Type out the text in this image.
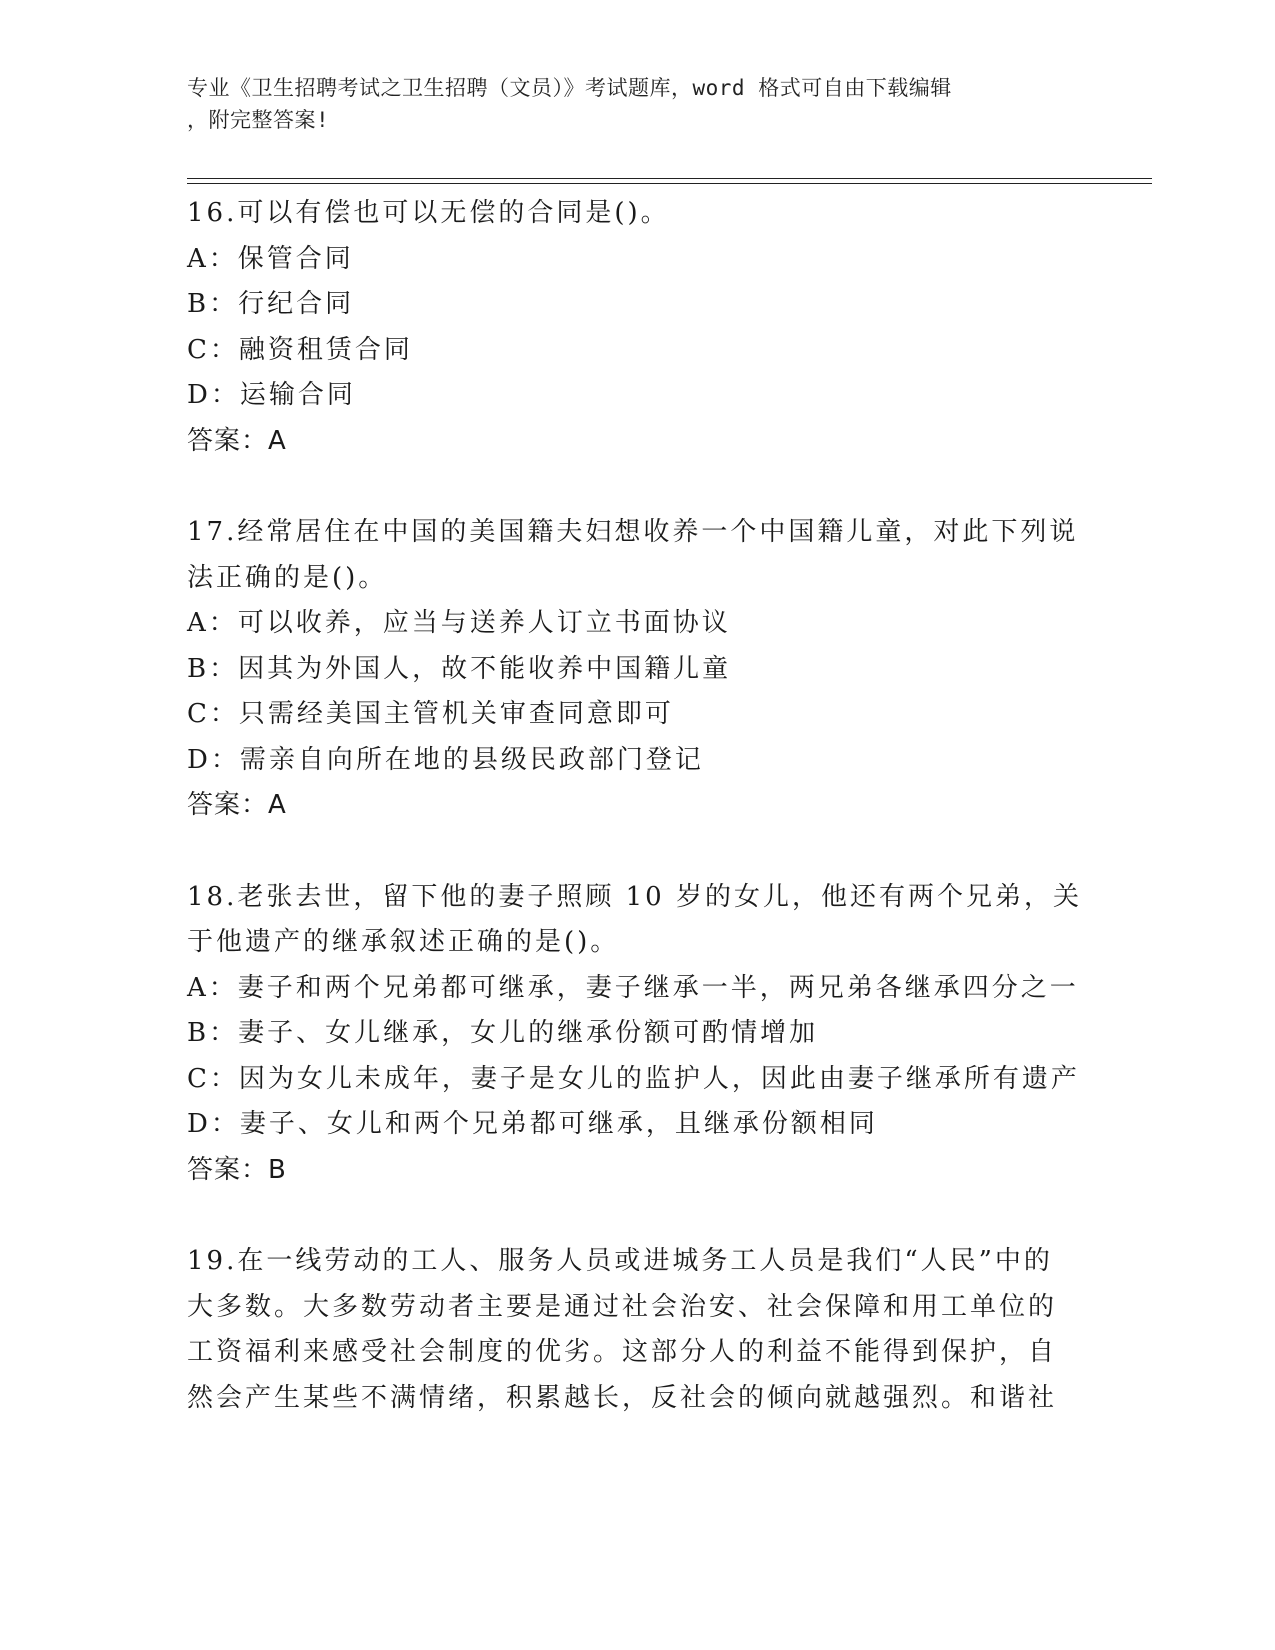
专业《卫生招聘考试之卫生招聘（文员）》考试题库，word 格式可自由下载编辑
，附完整答案!
16.可以有偿也可以无偿的合同是()。
A：保管合同
B：行纪合同
C：融资租赁合同
D：运输合同
答案：A
17.经常居住在中国的美国籍夫妇想收养一个中国籍儿童，对此下列说
法正确的是()。
A：可以收养，应当与送养人订立书面协议
B：因其为外国人，故不能收养中国籍儿童
C：只需经美国主管机关审查同意即可
D：需亲自向所在地的县级民政部门登记
答案：A
18.老张去世，留下他的妻子照顾 10 岁的女儿，他还有两个兄弟，关
于他遗产的继承叙述正确的是()。
A：妻子和两个兄弟都可继承，妻子继承一半，两兄弟各继承四分之一
B：妻子、女儿继承，女儿的继承份额可酌情增加
C：因为女儿未成年，妻子是女儿的监护人，因此由妻子继承所有遗产
D：妻子、女儿和两个兄弟都可继承，且继承份额相同
答案：B
19.在一线劳动的工人、服务人员或进城务工人员是我们“人民”中的
大多数。大多数劳动者主要是通过社会治安、社会保障和用工单位的
工资福利来感受社会制度的优劣。这部分人的利益不能得到保护，自
然会产生某些不满情绪，积累越长，反社会的倾向就越强烈。和谐社
